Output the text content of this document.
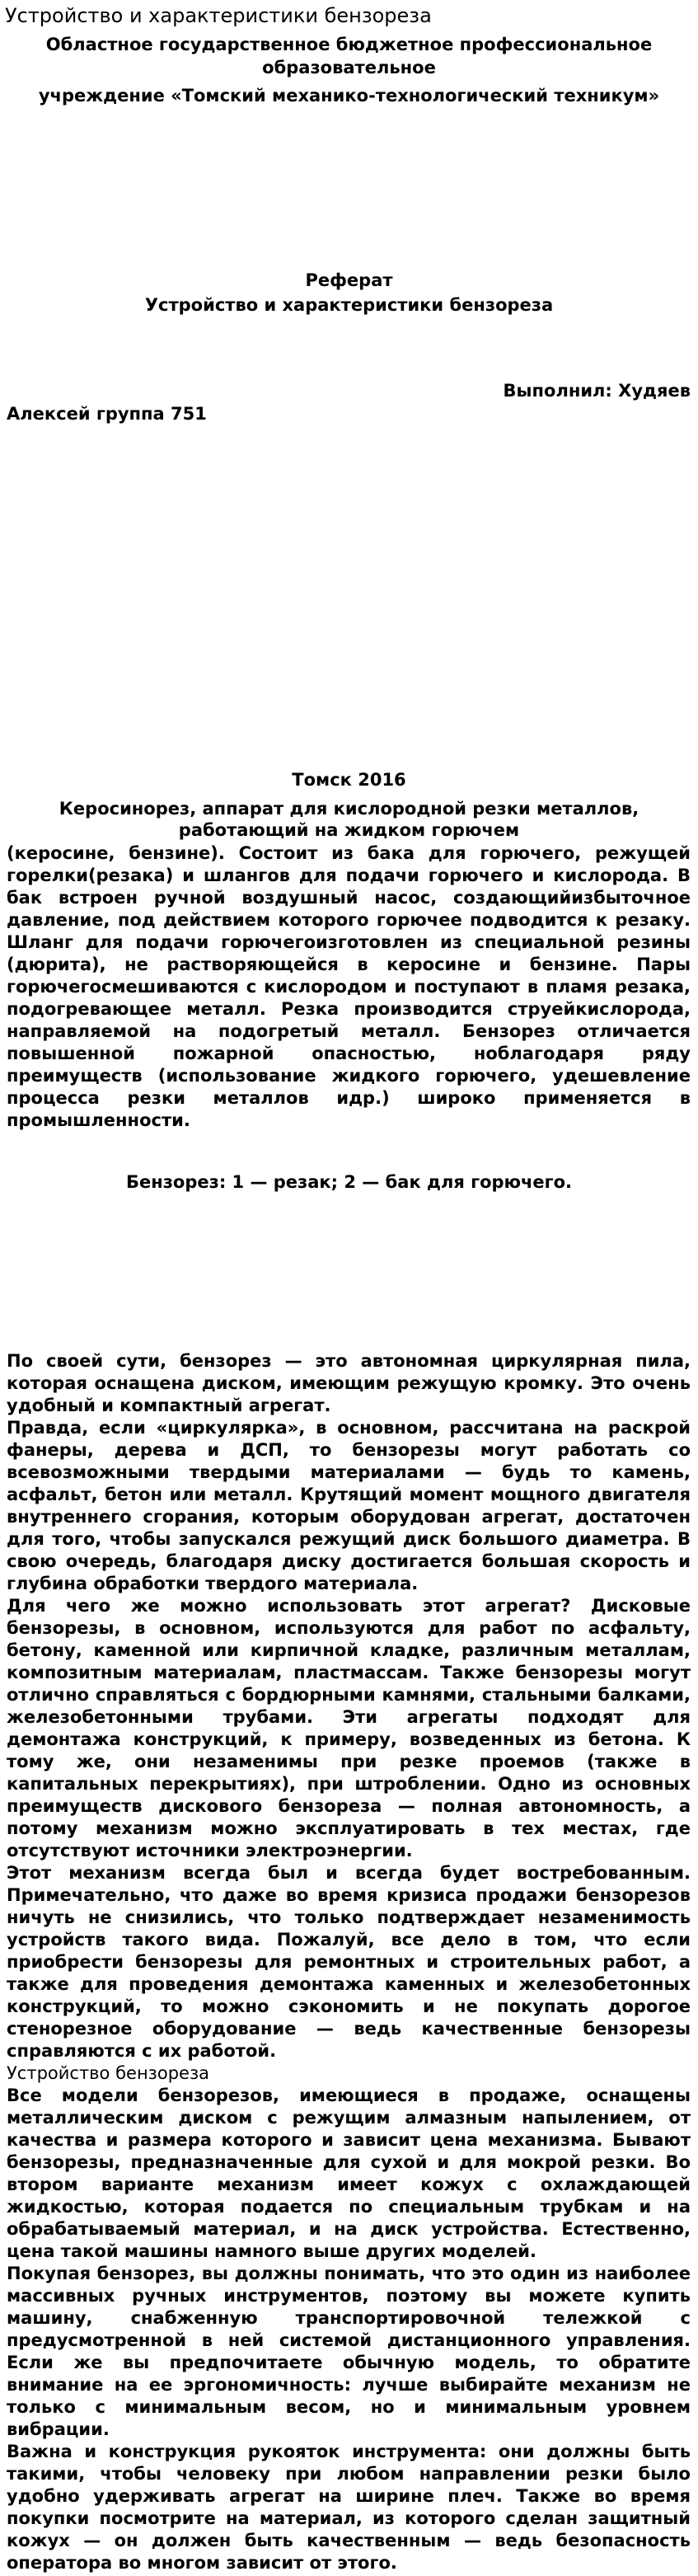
Устройство и характеристики бензореза
Областное государственное бюджетное профессиональное
образовательное
учреждение «Томский механико-технологический техникум»
Реферат
Устройство и характеристики бензореза
Выполнил: Худяев
Алексей группа 751
Томск 2016
Керосинорез, аппарат для кислородной резки металлов,
работающий на жидком горючем

(керосине, бензине). Состоит из бака для горючего, режущей горелки(резака) и шлангов для подачи горючего и кислорода. В бак встроен ручной воздушный насос, создающийизбыточное давление, под действием которого горючее подводится к резаку. Шланг для подачи горючегоизготовлен из специальной резины (дюрита), не растворяющейся в керосине и бензине. Пары горючегосмешиваются с кислородом и поступают в пламя резака, подогревающее металл. Резка производится струейкислорода, направляемой на подогретый металл. Бензорез отличается повышенной пожарной опасностью, ноблагодаря ряду преимуществ (использование жидкого горючего, удешевление процесса резки металлов идр.) широко применяется в промышленности.

Бензорез: 1 — резак; 2 — бак для горючего.

По своей сути, бензорез — это автономная циркулярная пила, которая оснащена диском, имеющим режущую кромку. Это очень удобный и компактный агрегат.

Правда, если «циркулярка», в основном, рассчитана на раскрой фанеры, дерева и ДСП, то бензорезы могут работать со всевозможными твердыми материалами — будь то камень, асфальт, бетон или металл. Крутящий момент мощного двигателя внутреннего сгорания, которым оборудован агрегат, достаточен для того, чтобы запускался режущий диск большого диаметра. В свою очередь, благодаря диску достигается большая скорость и глубина обработки твердого материала.

Для чего же можно использовать этот агрегат? Дисковые бензорезы, в основном, используются для работ по асфальту, бетону, каменной или кирпичной кладке, различным металлам, композитным материалам, пластмассам. Также бензорезы могут отлично справляться с бордюрными камнями, стальными балками, железобетонными трубами. Эти агрегаты подходят для демонтажа конструкций, к примеру, возведенных из бетона. К тому же, они незаменимы при резке проемов (также в капитальных перекрытиях), при штроблении. Одно из основных преимуществ дискового бензореза — полная автономность, а потому механизм можно эксплуатировать в тех местах, где отсутствуют источники электроэнергии.

Этот механизм всегда был и всегда будет востребованным. Примечательно, что даже во время кризиса продажи бензорезов ничуть не снизились, что только подтверждает незаменимость устройств такого вида. Пожалуй, все дело в том, что если приобрести бензорезы для ремонтных и строительных работ, а также для проведения демонтажа каменных и железобетонных конструкций, то можно сэкономить и не покупать дорогое стенорезное оборудование — ведь качественные бензорезы справляются с их работой.

Устройство бензореза

Все модели бензорезов, имеющиеся в продаже, оснащены металлическим диском с режущим алмазным напылением, от качества и размера которого и зависит цена механизма. Бывают бензорезы, предназначенные для сухой и для мокрой резки. Во втором варианте механизм имеет кожух с охлаждающей жидкостью, которая подается по специальным трубкам и на обрабатываемый материал, и на диск устройства. Естественно, цена такой машины намного выше других моделей.

Покупая бензорез, вы должны понимать, что это один из наиболее массивных ручных инструментов, поэтому вы можете купить машину, снабженную транспортировочной тележкой с предусмотренной в ней системой дистанционного управления. Если же вы предпочитаете обычную модель, то обратите внимание на ее эргономичность: лучше выбирайте механизм не только с минимальным весом, но и минимальным уровнем вибрации.

Важна и конструкция рукояток инструмента: они должны быть такими, чтобы человеку при любом направлении резки было удобно удерживать агрегат на ширине плеч. Также во время покупки посмотрите на материал, из которого сделан защитный кожух — он должен быть качественным — ведь безопасность оператора во многом зависит от этого.
